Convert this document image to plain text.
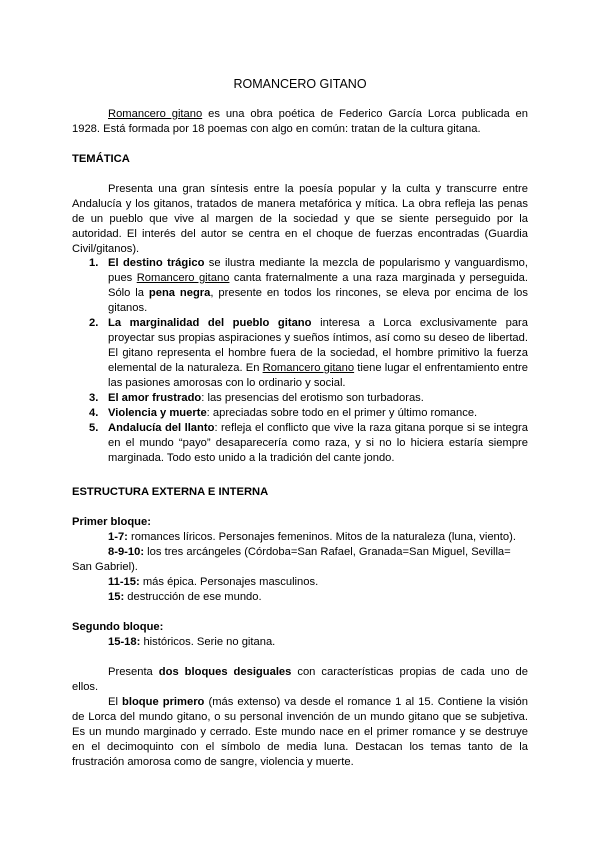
ROMANCERO GITANO

Romancero gitano es una obra poética de Federico García Lorca publicada en 1928. Está formada por 18 poemas con algo en común: tratan de la cultura gitana.

TEMÁTICA

Presenta una gran síntesis entre la poesía popular y la culta y transcurre entre Andalucía y los gitanos, tratados de manera metafórica y mítica. La obra refleja las penas de un pueblo que vive al margen de la sociedad y que se siente perseguido por la autoridad. El interés del autor se centra en el choque de fuerzas encontradas (Guardia Civil/gitanos).

1. El destino trágico se ilustra mediante la mezcla de popularismo y vanguardismo, pues Romancero gitano canta fraternalmente a una raza marginada y perseguida. Sólo la pena negra, presente en todos los rincones, se eleva por encima de los gitanos.
2. La marginalidad del pueblo gitano interesa a Lorca exclusivamente para proyectar sus propias aspiraciones y sueños íntimos, así como su deseo de libertad. El gitano representa el hombre fuera de la sociedad, el hombre primitivo la fuerza elemental de la naturaleza. En Romancero gitano tiene lugar el enfrentamiento entre las pasiones amorosas con lo ordinario y social.
3. El amor frustrado: las presencias del erotismo son turbadoras.
4. Violencia y muerte: apreciadas sobre todo en el primer y último romance.
5. Andalucía del llanto: refleja el conflicto que vive la raza gitana porque si se integra en el mundo “payo” desaparecería como raza, y si no lo hiciera estaría siempre marginada. Todo esto unido a la tradición del cante jondo.

ESTRUCTURA EXTERNA E INTERNA

Primer bloque:

1-7: romances líricos. Personajes femeninos. Mitos de la naturaleza (luna, viento).
8-9-10: los tres arcángeles (Córdoba=San Rafael, Granada=San Miguel, Sevilla= San Gabriel).
11-15: más épica. Personajes masculinos.
15: destrucción de ese mundo.

Segundo bloque:

15-18: históricos. Serie no gitana.

Presenta dos bloques desiguales con características propias de cada uno de ellos.

El bloque primero (más extenso) va desde el romance 1 al 15. Contiene la visión de Lorca del mundo gitano, o su personal invención de un mundo gitano que se subjetiva. Es un mundo marginado y cerrado. Este mundo nace en el primer romance y se destruye en el decimoquinto con el símbolo de media luna. Destacan los temas tanto de la frustración amorosa como de sangre, violencia y muerte.
